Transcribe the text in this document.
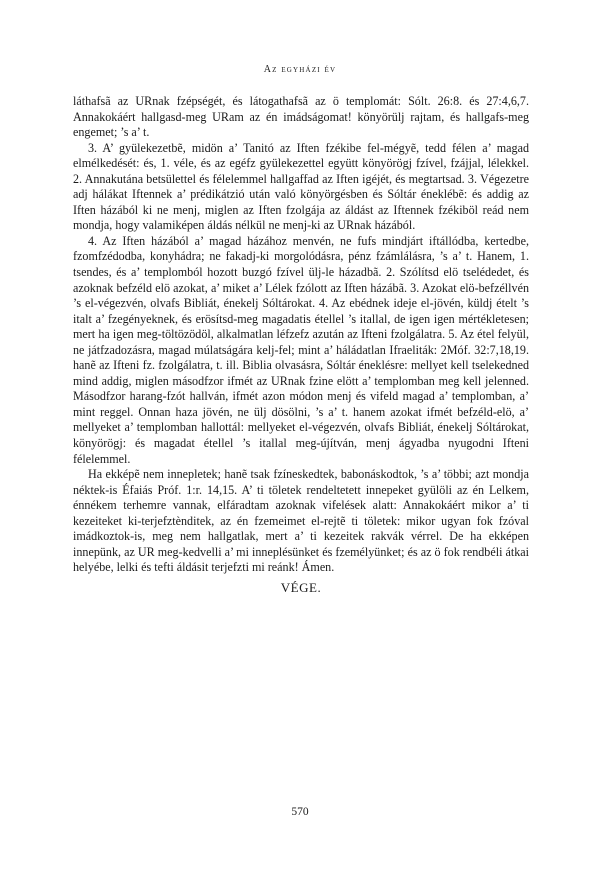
Az egyházi év

láthafsã az URnak fzépségét, és látogathafsã az ö templomát: Sólt. 26:8. és 27:4,6,7. Annakokáért hallgasd-meg URam az én imádságomat! könyörülj rajtam, és hallgafs-meg engemet; ’s a’ t.

3. A’ gyülekezetbẽ, midön a’ Tanitó az Iften fzékibe fel-mégyẽ, tedd félen a’ magad elmélkedését: és, 1. véle, és az egéfz gyülekezettel együtt könyörögj fzível, fzájjal, lélekkel. 2. Annakutána betsülettel és félelemmel hallgaffad az Iften igéjét, és megtartsad. 3. Végezetre adj hálákat Iftennek a’ prédikátzió után való könyörgésben és Sóltár éneklébẽ: és addig az Iften házából ki ne menj, miglen az Iften fzolgája az áldást az Iftennek fzékiböl reád nem mondja, hogy valamiképen áldás nélkül ne menj-ki az URnak házából.

4. Az Iften házából a’ magad házához menvén, ne fufs mindjárt iftállódba, kertedbe, fzomfzédodba, konyhádra; ne fakadj-ki morgolódásra, pénz fzámlálásra, ’s a’ t. Hanem, 1. tsendes, és a’ templomból hozott buzgó fzível ülj-le házadbã. 2. Szólítsd elö tselédedet, és azoknak befzéld elö azokat, a’ miket a’ Lélek fzólott az Iften házábã. 3. Azokat elö-befzéllvén ’s el-végezvén, olvafs Bibliát, énekelj Sóltárokat. 4. Az ebédnek ideje el-jövén, küldj ételt ’s italt a’ fzegényeknek, és erösítsd-meg magadatis étellel ’s itallal, de igen igen mértékletesen; mert ha igen meg-töltözödöl, alkalmatlan léfzefz azután az Ifteni fzolgálatra. 5. Az étel felyül, ne játfzadozásra, magad múlatságára kelj-fel; mint a’ háládatlan Ifraeliták: 2Móf. 32:7,18,19. hanẽ az Ifteni fz. fzolgálatra, t. ill. Biblia olvasásra, Sóltár éneklésre: mellyet kell tselekedned mind addig, miglen másodfzor ifmét az URnak fzine elött a’ templomban meg kell jelenned. Másodfzor harang-fzót hallván, ifmét azon módon menj és vifeld magad a’ templomban, a’ mint reggel. Onnan haza jövén, ne ülj dösölni, ’s a’ t. hanem azokat ifmét befzéld-elö, a’ mellyeket a’ templomban hallottál: mellyeket el-végezvén, olvafs Bibliát, énekelj Sóltárokat, könyörögj: és magadat étellel ’s itallal meg-újítván, menj ágyadba nyugodni Ifteni félelemmel.

Ha ekképẽ nem innepletek; hanẽ tsak fzíneskedtek, babonáskodtok, ’s a’ többi; azt mondja néktek-is Éfaiás Próf. 1:r. 14,15. A’ ti töletek rendeltetett innepeket gyülöli az én Lelkem, énnékem terhemre vannak, elfáradtam azoknak vifelések alatt: Annakokáért mikor a’ ti kezeiteket ki-terjefztènditek, az én fzemeimet el-rejtẽ ti töletek: mikor ugyan fok fzóval imádkoztok-is, meg nem hallgatlak, mert a’ ti kezeitek rakvák vérrel. De ha ekképen innepünk, az UR meg-kedvelli a’ mi inneplésünket és fzemélyünket; és az ö fok rendbéli átkai helyébe, lelki és tefti áldásit terjefzti mi reánk! Ámen.

VÉGE.
570
